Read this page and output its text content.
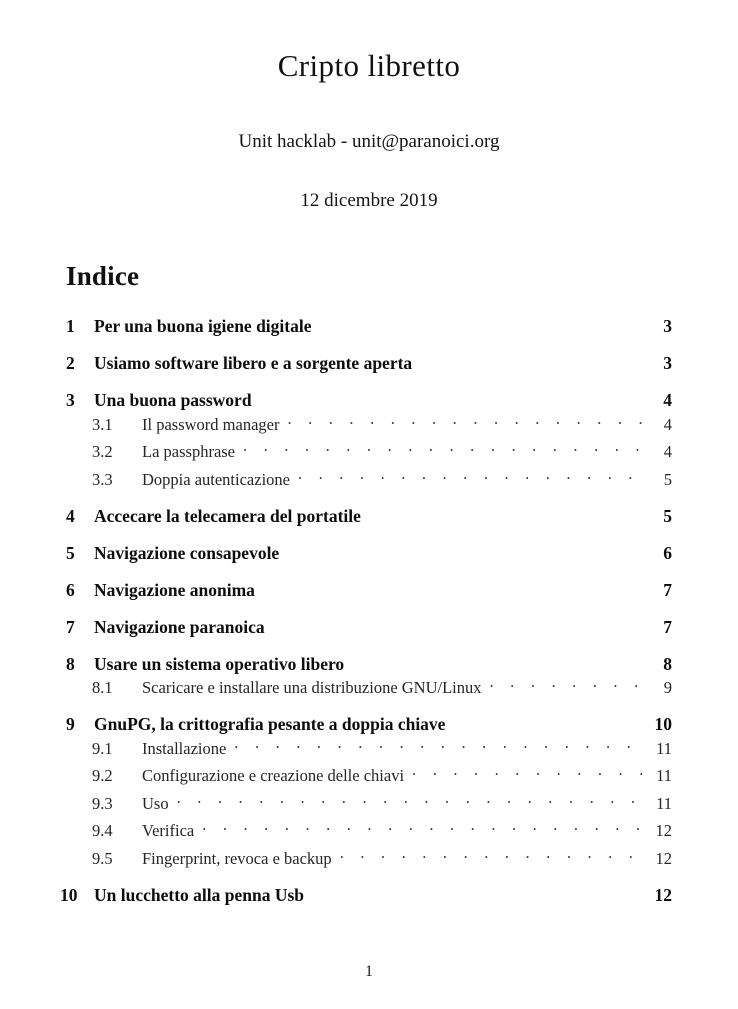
Cripto libretto

Unit hacklab - unit@paranoici.org

12 dicembre 2019

Indice
1	Per una buona igiene digitale	3
2	Usiamo software libero e a sorgente aperta	3
3	Una buona password	4
3.1	Il password manager . . .	4
3.2	La passphrase . . .	4
3.3	Doppia autenticazione . . .	5
4	Accecare la telecamera del portatile	5
5	Navigazione consapevole	6
6	Navigazione anonima	7
7	Navigazione paranoica	7
8	Usare un sistema operativo libero	8
8.1	Scaricare e installare una distribuzione GNU/Linux . . .	9
9	GnuPG, la crittografia pesante a doppia chiave	10
9.1	Installazione . . .	11
9.2	Configurazione e creazione delle chiavi . . .	11
9.3	Uso . . .	11
9.4	Verifica . . .	12
9.5	Fingerprint, revoca e backup . . .	12
10 Un lucchetto alla penna Usb	12
1
